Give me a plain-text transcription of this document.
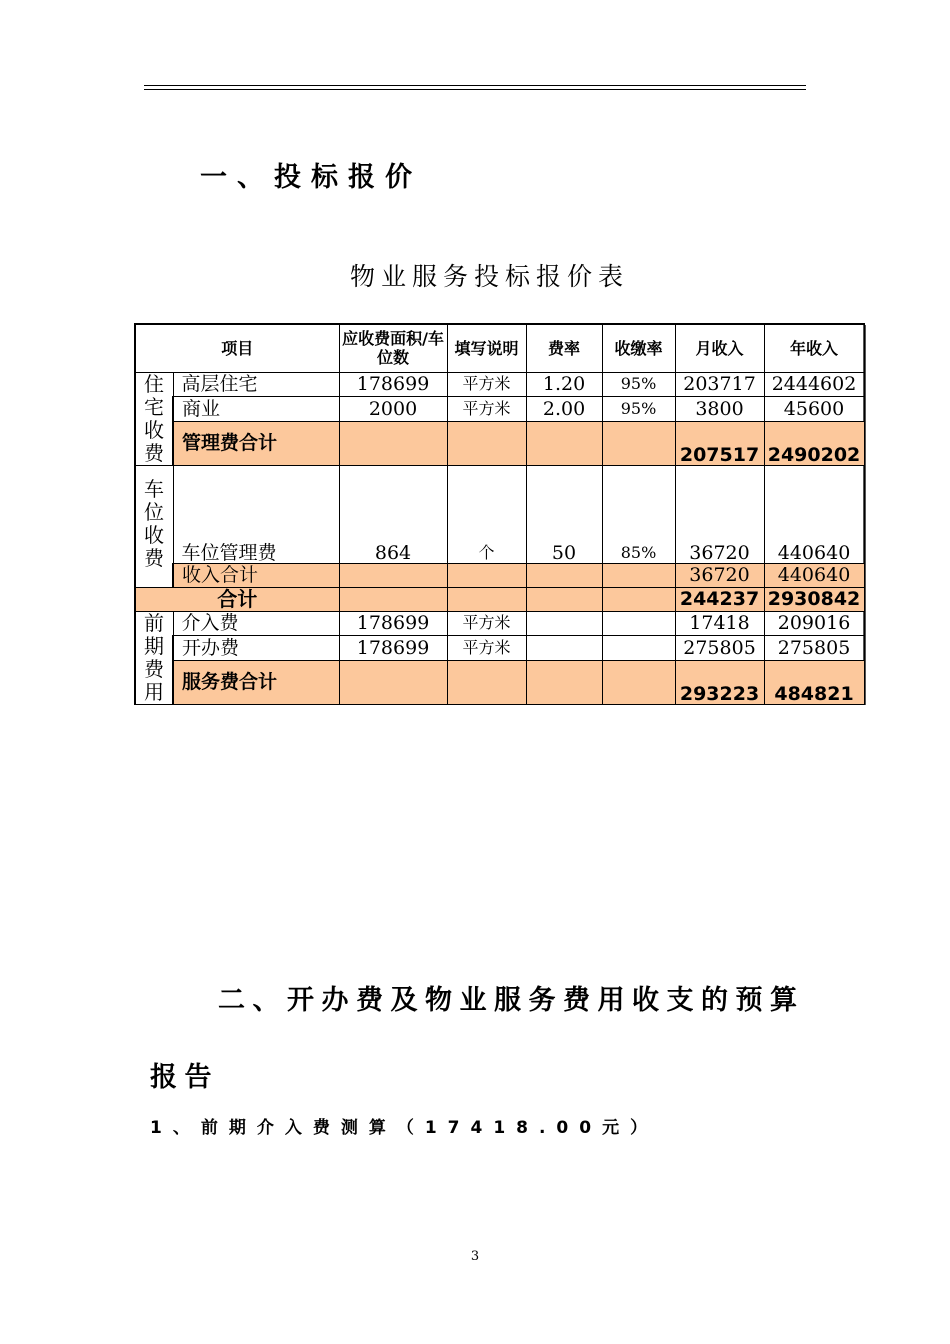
一、投标报价
物业服务投标报价表
项目		应收费面积/车位数	填写说明	费率	收缴率	月收入	年收入
住宅收费	高层住宅	178699	平方米	1.20	95%	203717	2444602
	商业	2000	平方米	2.00	95%	3800	45600
	管理费合计					207517	2490202
车位收费	车位管理费	864	个	50	85%	36720	440640
	收入合计					36720	440640
合计						244237	2930842
前期费用	介入费	178699	平方米			17418	209016
	开办费	178699	平方米			275805	275805
	服务费合计					293223	484821
二、开办费及物业服务费用收支的预算
报告
1、前期介入费测算（17418.00元）
3
